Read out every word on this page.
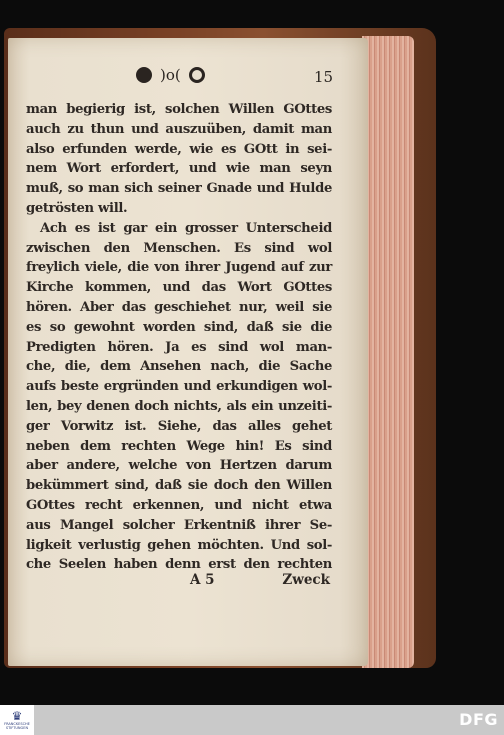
)o(	15
man begierig ist, solchen Willen GOttes
auch zu thun und auszuüben, damit man
also erfunden werde, wie es GOtt in sei-
nem Wort erfordert, und wie man seyn
muß, so man sich seiner Gnade und Hulde
getrösten will.
Ach es ist gar ein grosser Unterscheid
zwischen den Menschen. Es sind wol
freylich viele, die von ihrer Jugend auf zur
Kirche kommen, und das Wort GOttes
hören. Aber das geschiehet nur, weil sie
es so gewohnt worden sind, daß sie die
Predigten hören. Ja es sind wol man-
che, die, dem Ansehen nach, die Sache
aufs beste ergründen und erkundigen wol-
len, bey denen doch nichts, als ein unzeiti-
ger Vorwitz ist. Siehe, das alles gehet
neben dem rechten Wege hin! Es sind
aber andere, welche von Hertzen darum
bekümmert sind, daß sie doch den Willen
GOttes recht erkennen, und nicht etwa
aus Mangel solcher Erkentniß ihrer Se-
ligkeit verlustig gehen möchten. Und sol-
che Seelen haben denn erst den rechten
A 5	Zweck
♛
FRANCKESCHE STIFTUNGEN	DFG
